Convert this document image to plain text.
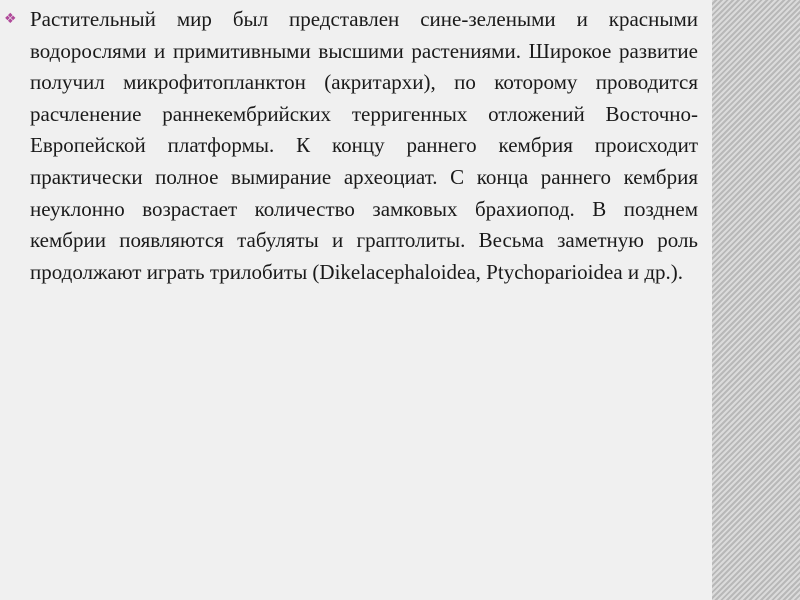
❖ Растительный мир был представлен сине-зелеными и красными водорослями и примитивными высшими растениями. Широкое развитие получил микрофитопланктон (акритархи), по которому проводится расчленение раннекембрийских терригенных отложений Восточно-Европейской платформы. К концу раннего кембрия происходит практически полное вымирание археоциат. С конца раннего кембрия неуклонно возрастает количество замковых брахиопод. В позднем кембрии появляются табуляты и граптолиты. Весьма заметную роль продолжают играть трилобиты (Dikelacephaloidea, Ptychoparioidea и др.).
